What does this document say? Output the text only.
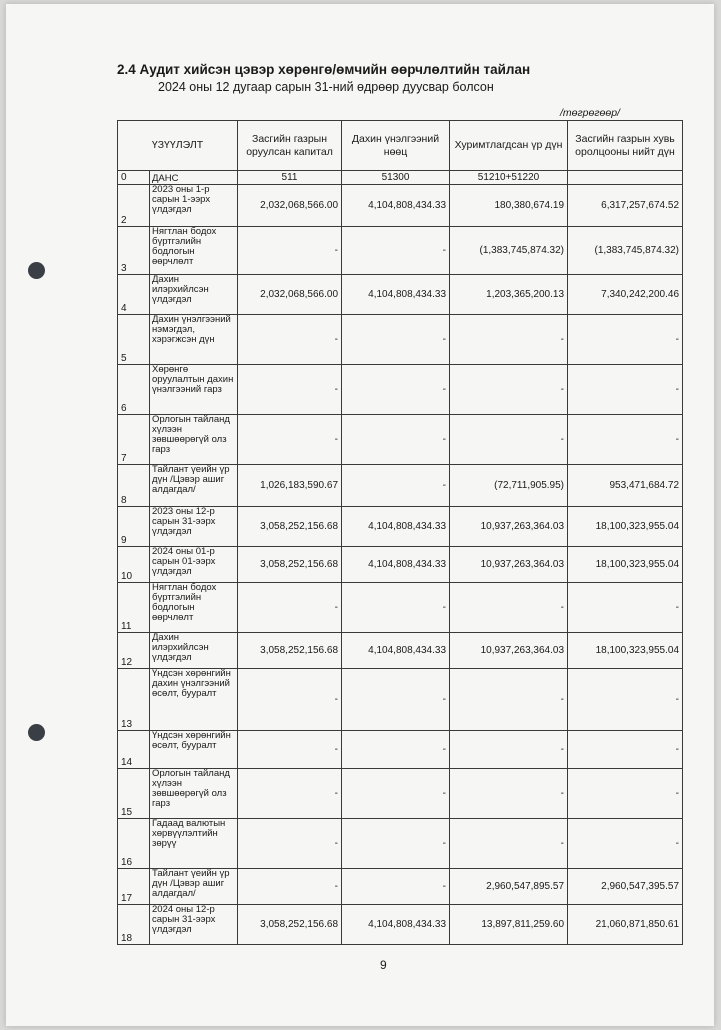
2.4 Аудит хийсэн цэвэр хөрөнгө/өмчийн өөрчлөлтийн тайлан
2024 оны 12 дугаар сарын 31-ний өдрөөр дуусвар болсон
/төгрөгөөр/
ҮЗҮҮЛЭЛТ		Засгийн газрын оруулсан капитал	Дахин үнэлгээний нөөц	Хуримтлагдсан үр дүн	Засгийн газрын хувь оролцооны нийт дүн
0	ДАНС	511	51300	51210+51220	
2	2023 оны 1-р сарын 1-ээрх үлдэгдэл	2,032,068,566.00	4,104,808,434.33	180,380,674.19	6,317,257,674.52
3	Нягтлан бодох бүртгэлийн бодлогын өөрчлөлт	-	-	(1,383,745,874.32)	(1,383,745,874.32)
4	Дахин илэрхийлсэн үлдэгдэл	2,032,068,566.00	4,104,808,434.33	1,203,365,200.13	7,340,242,200.46
5	Дахин үнэлгээний нэмэгдэл, хэрэгжсэн дүн	-	-	-	-
6	Хөрөнгө оруулалтын дахин үнэлгээний гарз	-	-	-	-
7	Орлогын тайланд хүлээн зөвшөөрөгүй олз гарз	-	-	-	-
8	Тайлант үеийн үр дүн /Цэвэр ашиг алдагдал/	1,026,183,590.67	-	(72,711,905.95)	953,471,684.72
9	2023 оны 12-р сарын 31-ээрх үлдэгдэл	3,058,252,156.68	4,104,808,434.33	10,937,263,364.03	18,100,323,955.04
10	2024 оны 01-р сарын 01-ээрх үлдэгдэл	3,058,252,156.68	4,104,808,434.33	10,937,263,364.03	18,100,323,955.04
11	Нягтлан бодох бүртгэлийн бодлогын өөрчлөлт	-	-	-	-
12	Дахин илэрхийлсэн үлдэгдэл	3,058,252,156.68	4,104,808,434.33	10,937,263,364.03	18,100,323,955.04
13	Үндсэн хөрөнгийн дахин үнэлгээний өсөлт, бууралт	-	-	-	-
14	Үндсэн хөрөнгийн өсөлт, бууралт	-	-	-	-
15	Орлогын тайланд хүлээн зөвшөөрөгүй олз гарз	-	-	-	-
16	Гадаад валютын хөрвүүлэлтийн зөрүү	-	-	-	-
17	Тайлант үеийн үр дүн /Цэвэр ашиг алдагдал/	-	-	2,960,547,895.57	2,960,547,395.57
18	2024 оны 12-р сарын 31-ээрх үлдэгдэл	3,058,252,156.68	4,104,808,434.33	13,897,811,259.60	21,060,871,850.61
9
